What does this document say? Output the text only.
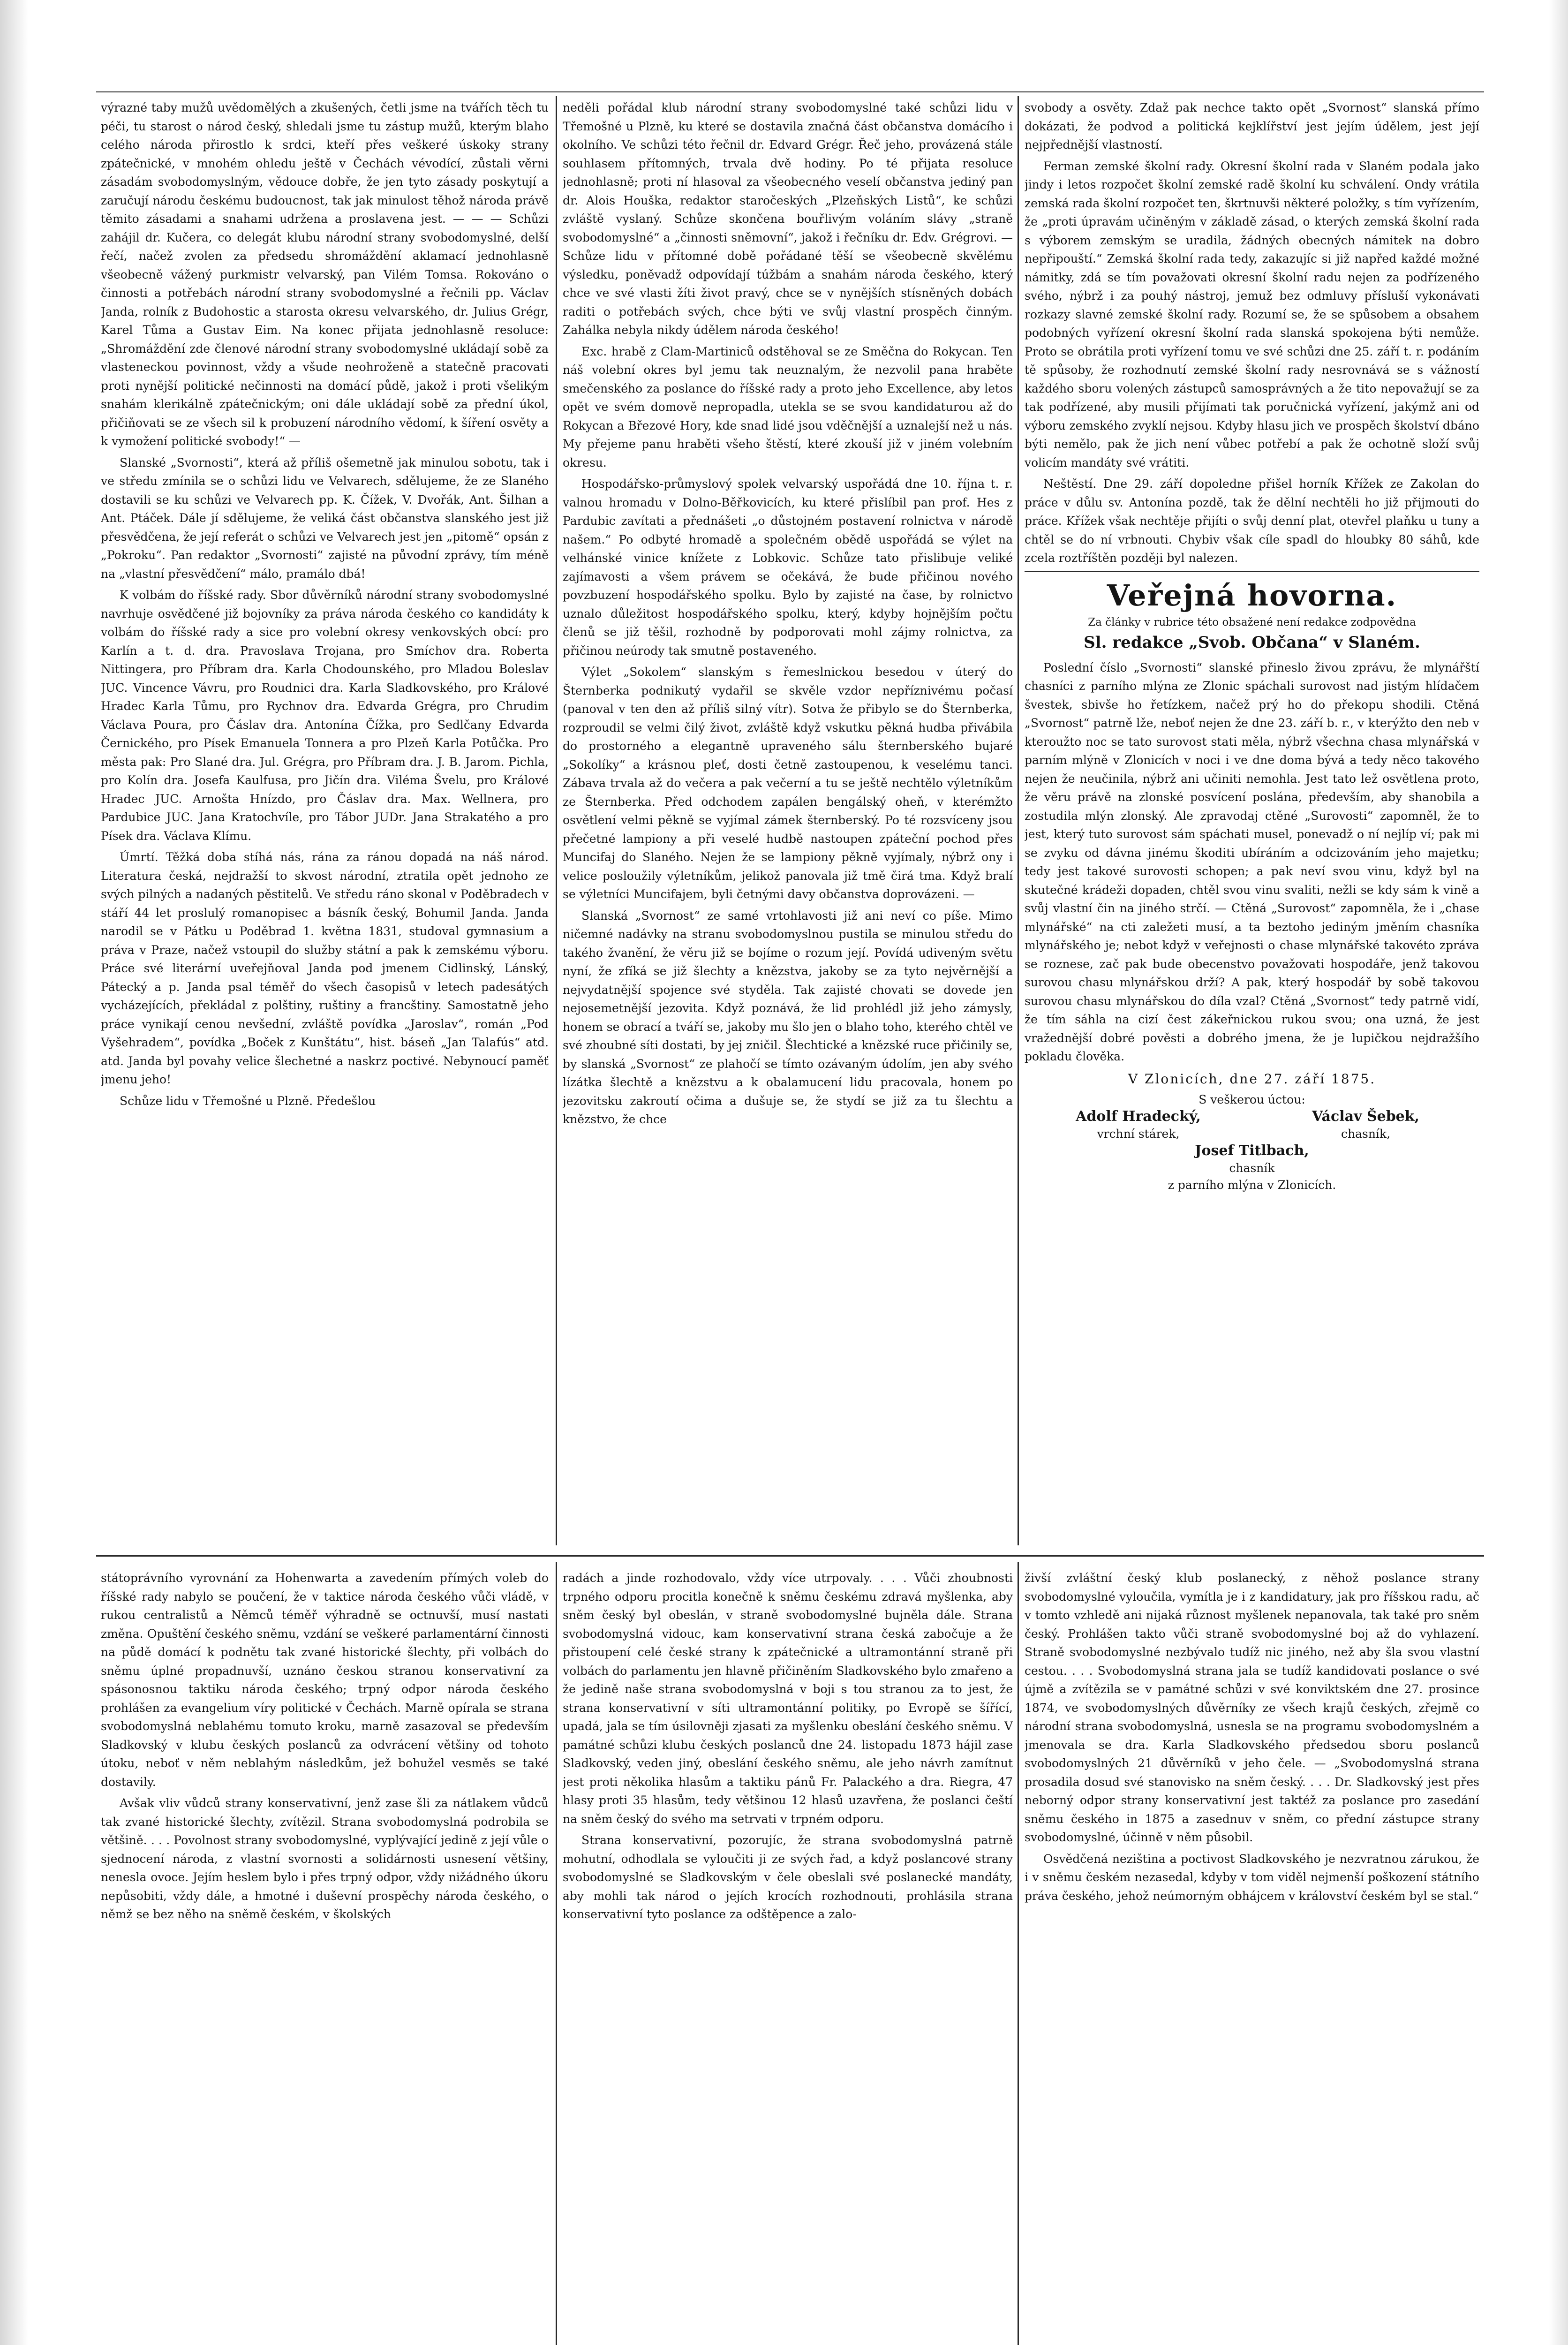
výrazné taby mužů uvědomělých a zkušených, četli jsme na tvářích těch tu péči, tu starost o národ český, shledali jsme tu zástup mužů, kterým blaho celého národa přirostlo k srdci, kteří přes veškeré úskoky strany zpátečnické, v mnohém ohledu ještě v Čechách vévodící, zůstali věrni zásadám svobodomyslným, vědouce dobře, že jen tyto zásady poskytují a zaručují národu českému budoucnost, tak jak minulost těhož národa právě těmito zásadami a snahami udržena a proslavena jest. — — — Schůzi zahájil dr. Kučera, co delegát klubu národní strany svobodomyslné, delší řečí, načež zvolen za předsedu shromáždění aklamací jednohlasně všeobecně vážený purkmistr velvarský, pan Vilém Tomsa. Rokováno o činnosti a potřebách národní strany svobodomyslné a řečnili pp. Václav Janda, rolník z Budohostic a starosta okresu velvarského, dr. Julius Grégr, Karel Tůma a Gustav Eim. Na konec přijata jednohlasně resoluce: „Shromáždění zde členové národní strany svobodomyslné ukládají sobě za vlasteneckou povinnost, vždy a všude neohroženě a statečně pracovati proti nynější politické nečinnosti na domácí půdě, jakož i proti všelikým snahám klerikálně zpátečnickým; oni dále ukládají sobě za přední úkol, přičiňovati se ze všech sil k probuzení národního vědomí, k šíření osvěty a k vymožení politické svobody!“ —

Slanské „Svornosti“, která až příliš ošemetně jak minulou sobotu, tak i ve středu zmínila se o schůzi lidu ve Velvarech, sdělujeme, že ze Slaného dostavili se ku schůzi ve Velvarech pp. K. Čížek, V. Dvořák, Ant. Šilhan a Ant. Ptáček. Dále jí sdělujeme, že veliká část občanstva slanského jest již přesvědčena, že její referát o schůzi ve Velvarech jest jen „pitomě“ opsán z „Pokroku“. Pan redaktor „Svornosti“ zajisté na původní zprávy, tím méně na „vlastní přesvědčení“ málo, pramálo dbá!

K volbám do říšské rady. Sbor důvěrníků národní strany svobodomyslné navrhuje osvědčené již bojovníky za práva národa českého co kandidáty k volbám do říšské rady a sice pro volební okresy venkovských obcí: pro Karlín a t. d. dra. Pravoslava Trojana, pro Smíchov dra. Roberta Nittingera, pro Příbram dra. Karla Chodounského, pro Mladou Boleslav JUC. Vincence Vávru, pro Roudnici dra. Karla Sladkovského, pro Králové Hradec Karla Tůmu, pro Rychnov dra. Edvarda Grégra, pro Chrudim Václava Poura, pro Čáslav dra. Antonína Čížka, pro Sedlčany Edvarda Černického, pro Písek Emanuela Tonnera a pro Plzeň Karla Potůčka. Pro města pak: Pro Slané dra. Jul. Grégra, pro Příbram dra. J. B. Jarom. Pichla, pro Kolín dra. Josefa Kaulfusa, pro Jičín dra. Viléma Švelu, pro Králové Hradec JUC. Arnošta Hnízdo, pro Čáslav dra. Max. Wellnera, pro Pardubice JUC. Jana Kratochvíle, pro Tábor JUDr. Jana Strakatého a pro Písek dra. Václava Klímu.

Úmrtí. Těžká doba stíhá nás, rána za ránou dopadá na náš národ. Literatura česká, nejdražší to skvost národní, ztratila opět jednoho ze svých pilných a nadaných pěstitelů. Ve středu ráno skonal v Poděbradech v stáří 44 let proslulý romanopisec a básník český, Bohumil Janda. Janda narodil se v Pátku u Poděbrad 1. května 1831, studoval gymnasium a práva v Praze, načež vstoupil do služby státní a pak k zemskému výboru. Práce své literární uveřejňoval Janda pod jmenem Cidlinský, Lánský, Pátecký a p. Janda psal téměř do všech časopisů v letech padesátých vycházejících, překládal z polštiny, ruštiny a francštiny. Samostatně jeho práce vynikají cenou nevšední, zvláště povídka „Jaroslav“, román „Pod Vyšehradem“, povídka „Boček z Kunštátu“, hist. báseň „Jan Talafús“ atd. atd. Janda byl povahy velice šlechetné a naskrz poctivé. Nebynoucí paměť jmenu jeho!

Schůze lidu v Třemošné u Plzně. Předešlou

neděli pořádal klub národní strany svobodomyslné také schůzi lidu v Třemošné u Plzně, ku které se dostavila značná část občanstva domácího i okolního. Ve schůzi této řečnil dr. Edvard Grégr. Řeč jeho, provázená stále souhlasem přítomných, trvala dvě hodiny. Po té přijata resoluce jednohlasně; proti ní hlasoval za všeobecného veselí občanstva jediný pan dr. Alois Houška, redaktor staročeských „Plzeňských Listů“, ke schůzi zvláště vyslaný. Schůze skončena bouřlivým voláním slávy „straně svobodomyslné“ a „činnosti sněmovní“, jakož i řečníku dr. Edv. Grégrovi. — Schůze lidu v přítomné době pořádané těší se všeobecně skvělému výsledku, poněvadž odpovídají túžbám a snahám národa českého, který chce ve své vlasti žíti život pravý, chce se v nynějších stísněných dobách raditi o potřebách svých, chce býti ve svůj vlastní prospěch činným. Zahálka nebyla nikdy údělem národa českého!

Exc. hrabě z Clam-Martiniců odstěhoval se ze Směčna do Rokycan. Ten náš volební okres byl jemu tak neuznalým, že nezvolil pana hraběte smečenského za poslance do říšské rady a proto jeho Excellence, aby letos opět ve svém domově nepropadla, utekla se se svou kandidaturou až do Rokycan a Březové Hory, kde snad lidé jsou vděčnější a uznalejší než u nás. My přejeme panu hraběti všeho štěstí, které zkouší již v jiném volebním okresu.

Hospodářsko-průmyslový spolek velvarský uspořádá dne 10. října t. r. valnou hromadu v Dolno-Běřkovicích, ku které přislíbil pan prof. Hes z Pardubic zavítati a přednášeti „o důstojném postavení rolnictva v národě našem.“ Po odbyté hromadě a společném obědě uspořádá se výlet na velhánské vinice knížete z Lobkovic. Schůze tato přislibuje veliké zajímavosti a všem právem se očekává, že bude přičinou nového povzbuzení hospodářského spolku. Bylo by zajisté na čase, by rolnictvo uznalo důležitost hospodářského spolku, který, kdyby hojnějším počtu členů se již těšil, rozhodně by podporovati mohl zájmy rolnictva, za přičinou neúrody tak smutně postaveného.

Výlet „Sokolem“ slanským s řemeslnickou besedou v úterý do Šternberka podnikutý vydařil se skvěle vzdor nepříznivému počasí (panoval v ten den až příliš silný vítr). Sotva že přibylo se do Šternberka, rozproudil se velmi čilý život, zvláště když vskutku pěkná hudba přivábila do prostorného a elegantně upraveného sálu šternberského bujaré „Sokolíky“ a krásnou pleť, dosti četně zastoupenou, k veselému tanci. Zábava trvala až do večera a pak večerní a tu se ještě nechtělo výletníkům ze Šternberka. Před odchodem zapálen bengálský oheň, v kterémžto osvětlení velmi pěkně se vyjímal zámek šternberský. Po té rozsvíceny jsou přečetné lampiony a při veselé hudbě nastoupen zpáteční pochod přes Muncifaj do Slaného. Nejen že se lampiony pěkně vyjímaly, nýbrž ony i velice posloužily výletníkům, jelikož panovala již tmě čirá tma. Když bralí se výletníci Muncifajem, byli četnými davy občanstva doprovázeni. —

Slanská „Svornost“ ze samé vrtohlavosti již ani neví co píše. Mimo ničemné nadávky na stranu svobodomyslnou pustila se minulou středu do takého žvanění, že věru již se bojíme o rozum její. Povídá udiveným světu nyní, že zfíká se již šlechty a knězstva, jakoby se za tyto nejvěrnější a nejvydatnější spojence své styděla. Tak zajisté chovati se dovede jen nejosemetnější jezovita. Když poznává, že lid prohlédl již jeho zámysly, honem se obrací a tváří se, jakoby mu šlo jen o blaho toho, kterého chtěl ve své zhoubné síti dostati, by jej zničil. Šlechtické a knězské ruce přičinily se, by slanská „Svornost“ ze plahočí se tímto ozávaným údolím, jen aby svého lízátka šlechtě a knězstvu a k obalamucení lidu pracovala, honem po jezovitsku zakroutí očima a dušuje se, že stydí se již za tu šlechtu a knězstvo, že chce

svobody a osvěty. Zdaž pak nechce takto opět „Svornost“ slanská přímo dokázati, že podvod a politická kejklířství jest jejím údělem, jest její nejpřednější vlastností.

Ferman zemské školní rady. Okresní školní rada v Slaném podala jako jindy i letos rozpočet školní zemské radě školní ku schválení. Ondy vrátila zemská rada školní rozpočet ten, škrtnuvši některé položky, s tím vyřízením, že „proti úpravám učiněným v základě zásad, o kterých zemská školní rada s výborem zemským se uradila, žádných obecných námitek na dobro nepřipouští.“ Zemská školní rada tedy, zakazujíc si již napřed každé možné námitky, zdá se tím považovati okresní školní radu nejen za podřízeného svého, nýbrž i za pouhý nástroj, jemuž bez odmluvy přísluší vykonávati rozkazy slavné zemské školní rady. Rozumí se, že se spůsobem a obsahem podobných vyřízení okresní školní rada slanská spokojena býti nemůže. Proto se obrátila proti vyřízení tomu ve své schůzi dne 25. září t. r. podáním tě spůsoby, že rozhodnutí zemské školní rady nesrovnává se s vážností každého sboru volených zástupců samosprávných a že tito nepovažují se za tak podřízené, aby musili přijímati tak poručnická vyřízení, jakýmž ani od výboru zemského zvyklí nejsou. Kdyby hlasu jich ve prospěch školství dbáno býti nemělo, pak že jich není vůbec potřebí a pak že ochotně složí svůj volicím mandáty své vrátiti.

Neštěstí. Dne 29. září dopoledne přišel horník Křížek ze Zakolan do práce v důlu sv. Antonína pozdě, tak že dělní nechtěli ho již přijmouti do práce. Křížek však nechtěje přijíti o svůj denní plat, otevřel plaňku u tuny a chtěl se do ní vrbnouti. Chybiv však cíle spadl do hloubky 80 sáhů, kde zcela roztříštěn později byl nalezen.

Veřejná hovorna.
Za články v rubrice této obsažené není redakce zodpovědna
Sl. redakce „Svob. Občana“ v Slaném.

Poslední číslo „Svornosti“ slanské přineslo živou zprávu, že mlynářští chasníci z parního mlýna ze Zlonic spáchali surovost nad jistým hlídačem švestek, sbivše ho řetízkem, načež prý ho do překopu shodili. Ctěná „Svornost“ patrně lže, neboť nejen že dne 23. září b. r., v kterýžto den neb v kteroužto noc se tato surovost stati měla, nýbrž všechna chasa mlynářská v parním mlýně v Zlonicích v noci i ve dne doma bývá a tedy něco takového nejen že neučinila, nýbrž ani učiniti nemohla. Jest tato lež osvětlena proto, že věru právě na zlonské posvícení poslána, především, aby shanobila a zostudila mlýn zlonský. Ale zpravodaj ctěné „Surovosti“ zapomněl, že to jest, který tuto surovost sám spáchati musel, ponevadž o ní nejlíp ví; pak mi se zvyku od dávna jinému škoditi ubíráním a odcizováním jeho majetku; tedy jest takové surovosti schopen; a pak neví svou vinu, když byl na skutečné krádeži dopaden, chtěl svou vinu svaliti, nežli se kdy sám k vině a svůj vlastní čin na jiného strčí. — Ctěná „Surovost“ zapomněla, že i „chase mlynářské“ na cti zaležeti musí, a ta beztoho jediným jměním chasníka mlynářského je; nebot když v veřejnosti o chase mlynářské takovéto zpráva se roznese, zač pak bude obecenstvo považovati hospodáře, jenž takovou surovou chasu mlynářskou drží? A pak, který hospodář by sobě takovou surovou chasu mlynářskou do díla vzal? Ctěná „Svornost“ tedy patrně vidí, že tím sáhla na cizí čest zákeřnickou rukou svou; ona uzná, že jest vražednější dobré pověsti a dobrého jmena, že je lupičkou nejdražšího pokladu člověka.

V Zlonicích, dne 27. září 1875.
S veškerou úctou:
Adolf Hradecký,
vrchní stárek,
Václav Šebek,
chasník,
Josef Titlbach,
chasník
z parního mlýna v Zlonicích.

státoprávního vyrovnání za Hohenwarta a zavedením přímých voleb do říšské rady nabylo se poučení, že v taktice národa českého vůči vládě, v rukou centralistů a Němců téměř výhradně se octnuvší, musí nastati změna. Opuštění českého sněmu, vzdání se veškeré parlamentární činnosti na půdě domácí k podnětu tak zvané historické šlechty, při volbách do sněmu úplné propadnuvší, uznáno českou stranou konservativní za spásonosnou taktiku národa českého; trpný odpor národa českého prohlášen za evangelium víry politické v Čechách. Marně opírala se strana svobodomyslná neblahému tomuto kroku, marně zasazoval se především Sladkovský v klubu českých poslanců za odvrácení většiny od tohoto útoku, neboť v něm neblahým následkům, jež bohužel vesměs se také dostavily.

Avšak vliv vůdců strany konservativní, jenž zase šli za nátlakem vůdců tak zvané historické šlechty, zvítězil. Strana svobodomyslná podrobila se většině. . . . Povolnost strany svobodomyslné, vyplývající jedině z její vůle o sjednocení národa, z vlastní svornosti a solidárnosti usnesení většiny, nenesla ovoce. Jejím heslem bylo i přes trpný odpor, vždy nižádného úkoru nepůsobiti, vždy dále, a hmotné i duševní prospěchy národa českého, o němž se bez něho na sněmě českém, v školských

radách a jinde rozhodovalo, vždy více utrpovaly. . . . Vůči zhoubnosti trpného odporu procitla konečně k sněmu českému zdravá myšlenka, aby sněm český byl obeslán, v straně svobodomyslné bujněla dále. Strana svobodomyslná vidouc, kam konservativní strana česká zabočuje a že přistoupení celé české strany k zpátečnické a ultramontánní straně při volbách do parlamentu jen hlavně přičiněním Sladkovského bylo zmařeno a že jedině naše strana svobodomyslná v boji s tou stranou za to jest, že strana konservativní v síti ultramontánní politiky, po Evropě se šířící, upadá, jala se tím úsilovněji zjasati za myšlenku obeslání českého sněmu. V památné schůzi klubu českých poslanců dne 24. listopadu 1873 hájil zase Sladkovský, veden jiný, obeslání českého sněmu, ale jeho návrh zamítnut jest proti několika hlasům a taktiku pánů Fr. Palackého a dra. Riegra, 47 hlasy proti 35 hlasům, tedy většinou 12 hlasů uzavřena, že poslanci čeští na sněm český do svého ma setrvati v trpném odporu.

Strana konservativní, pozorujíc, že strana svobodomyslná patrně mohutní, odhodlala se vyloučiti ji ze svých řad, a když poslancové strany svobodomyslné se Sladkovským v čele obeslali své poslanecké mandáty, aby mohli tak národ o jejích krocích rozhodnouti, prohlásila strana konservativní tyto poslance za odštěpence a zalo-

živší zvláštní český klub poslanecký, z něhož poslance strany svobodomyslné vyloučila, vymítla je i z kandidatury, jak pro říšskou radu, ač v tomto vzhledě ani nijaká různost myšlenek nepanovala, tak také pro sněm český. Prohlášen takto vůči straně svobodomyslné boj až do vyhlazení. Straně svobodomyslné nezbývalo tudíž nic jiného, než aby šla svou vlastní cestou. . . . Svobodomyslná strana jala se tudíž kandidovati poslance o své újmě a zvítězila se v památné schůzi v své konviktském dne 27. prosince 1874, ve svobodomyslných důvěrníky ze všech krajů českých, zřejmě co národní strana svobodomyslná, usnesla se na programu svobodomyslném a jmenovala se dra. Karla Sladkovského předsedou sboru poslanců svobodomyslných 21 důvěrníků v jeho čele. — „Svobodomyslná strana prosadila dosud své stanovisko na sněm český. . . . Dr. Sladkovský jest přes neborný odpor strany konservativní jest taktéž za poslance pro zasedání sněmu českého in 1875 a zasednuv v sněm, co přední zástupce strany svobodomyslné, účinně v něm působil.

Osvědčená neziština a poctivost Sladkovského je nezvratnou zárukou, že i v sněmu českém nezasedal, kdyby v tom viděl nejmenší poškození státního práva českého, jehož neúmorným obhájcem v království českém byl se stal.“
